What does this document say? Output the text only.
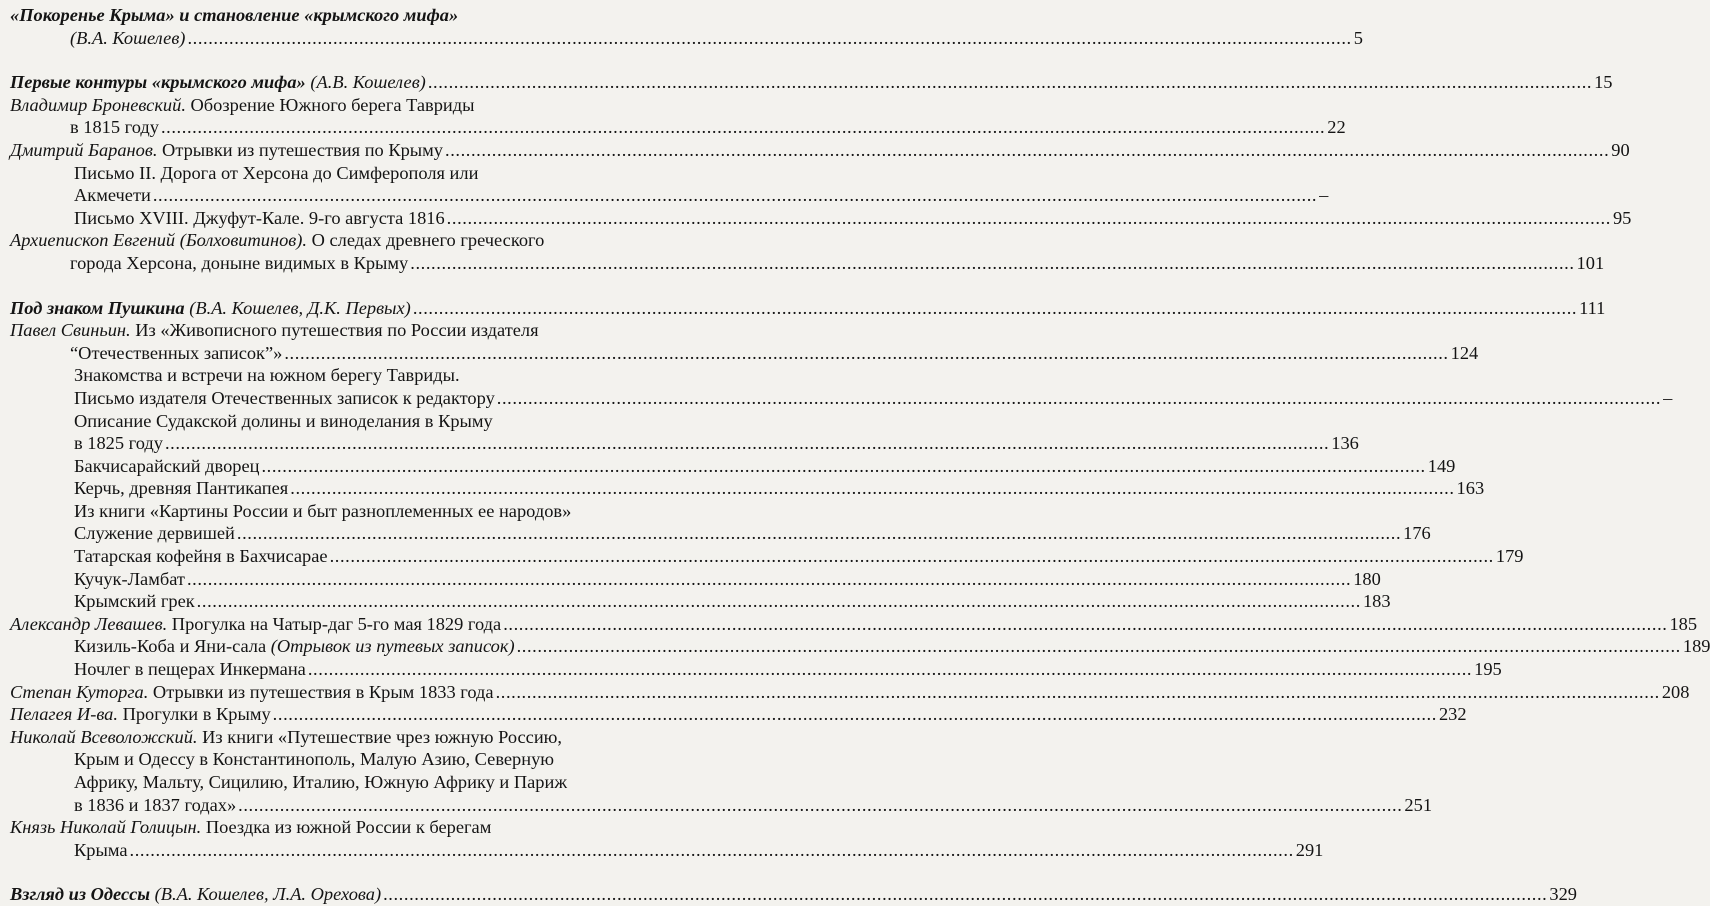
«Покоренье Крыма» и становление «крымского мифа»
(В.А. Кошелев) .....	5
Первые контуры «крымского мифа» (А.В. Кошелев) .....	15
Владимир Броневский. Обозрение Южного берега Тавриды
в 1815 году .....	22
Дмитрий Баранов. Отрывки из путешествия по Крыму .....	90
Письмо II. Дорога от Херсона до Симферополя или
Акмечети .....	–
Письмо XVIII. Джуфут-Кале. 9-го августа 1816 .....	95
Архиепископ Евгений (Болховитинов). О следах древнего греческого
города Херсона, доныне видимых в Крыму .....	101
Под знаком Пушкина (В.А. Кошелев, Д.К. Первых) .....	111
Павел Свиньин. Из «Живописного путешествия по России издателя
“Отечественных записок”» .....	124
Знакомства и встречи на южном берегу Тавриды.
Письмо издателя Отечественных записок к редактору .....	–
Описание Судакской долины и виноделания в Крыму
в 1825 году .....	136
Бакчисарайский дворец .....	149
Керчь, древняя Пантикапея .....	163
Из книги «Картины России и быт разноплеменных ее народов»
Служение дервишей .....	176
Татарская кофейня в Бахчисарае .....	179
Кучук-Ламбат .....	180
Крымский грек .....	183
Александр Левашев. Прогулка на Чатыр-даг 5-го мая 1829 года .....	185
Кизиль-Коба и Яни-сала (Отрывок из путевых записок) .....	189
Ночлег в пещерах Инкермана .....	195
Степан Куторга. Отрывки из путешествия в Крым 1833 года .....	208
Пелагея И-ва. Прогулки в Крыму .....	232
Николай Всеволожский. Из книги «Путешествие чрез южную Россию,
Крым и Одессу в Константинополь, Малую Азию, Северную
Африку, Мальту, Сицилию, Италию, Южную Африку и Париж
в 1836 и 1837 годах» .....	251
Князь Николай Голицын. Поездка из южной России к берегам
Крыма .....	291
Взгляд из Одессы (В.А. Кошелев, Л.А. Орехова) .....	329
